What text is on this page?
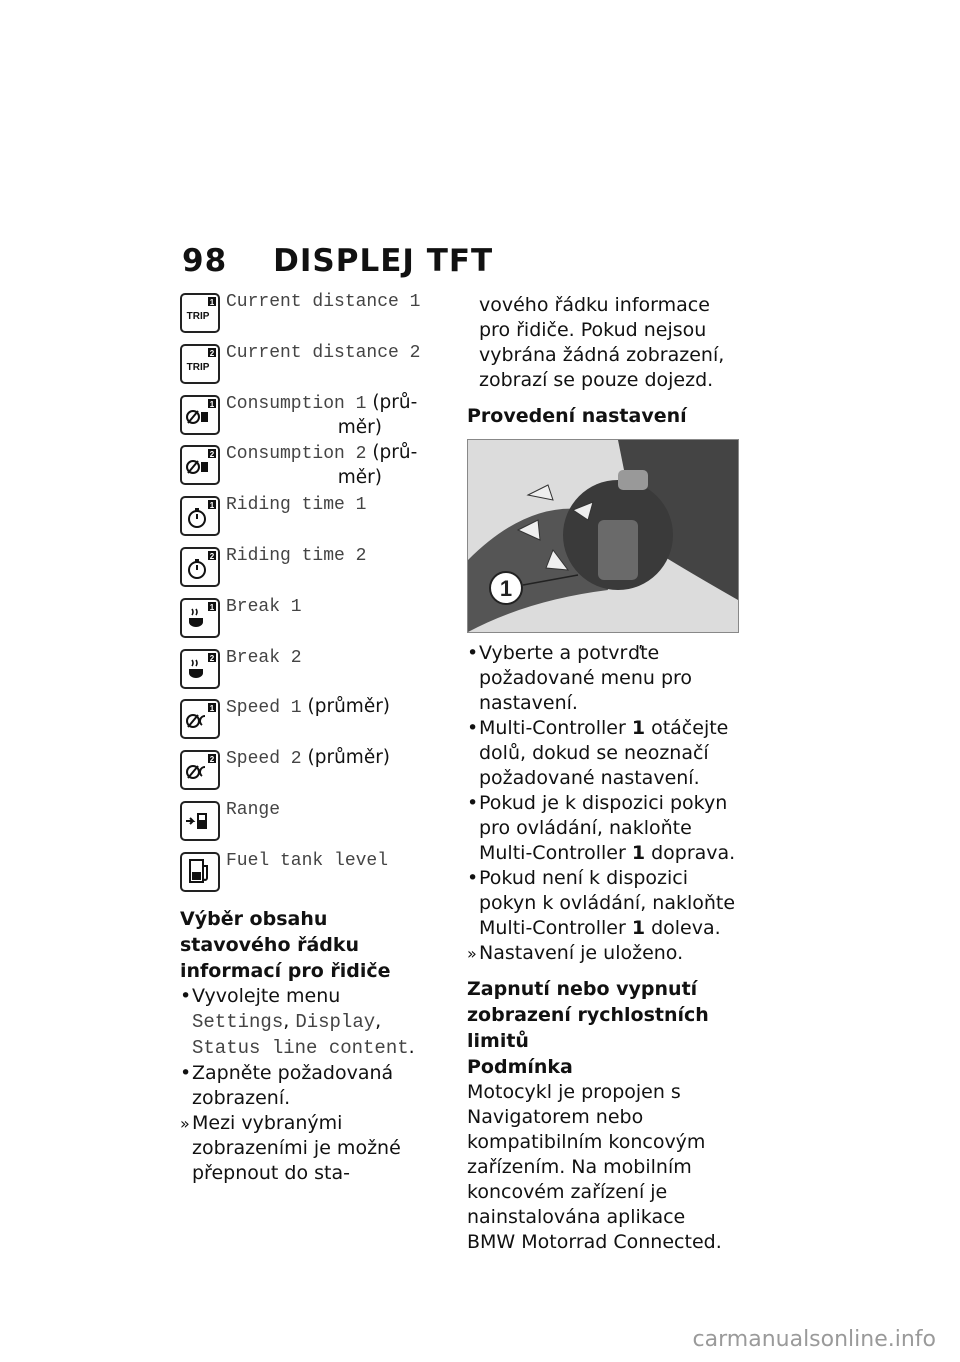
98 DISPLEJ TFT
TRIP
1 Current distance 1
TRIP
2 Current distance 2
1 Consumption 1 (prů-                   měr)
2 Consumption 2 (prů-                   měr)
1 Riding time 1
2 Riding time 2
1 Break 1
2 Break 2
1 Speed 1 (průměr)
2 Speed 2 (průměr)
Range
Fuel tank level
Výběr obsahu stavového řádku informací pro řidiče
• Vyvolejte menu Settings, Display, Status line content.
• Zapněte požadovaná zobrazení.
» Mezi vybranými zobrazeními je možné přepnout do sta-

vového řádku informace pro řidiče. Pokud nejsou vybrána žádná zobrazení, zobrazí se pouze dojezd.

Provedení nastavení
1
• Vyberte a potvrďte požadované menu pro nastavení.
• Multi-Controller 1 otáčejte dolů, dokud se neoznačí požadované nastavení.
• Pokud je k dispozici pokyn pro ovládání, nakloňte Multi-Controller 1 doprava.
• Pokud není k dispozici pokyn k ovládání, nakloňte Multi-Controller 1 doleva.
» Nastavení je uloženo.
Zapnutí nebo vypnutí zobrazení rychlostních limitů
Podmínka

Motocykl je propojen s Navigatorem nebo kompatibilním koncovým zařízením. Na mobilním koncovém zařízení je nainstalována aplikace BMW Motorrad Connected.

carmanualsonline.info
